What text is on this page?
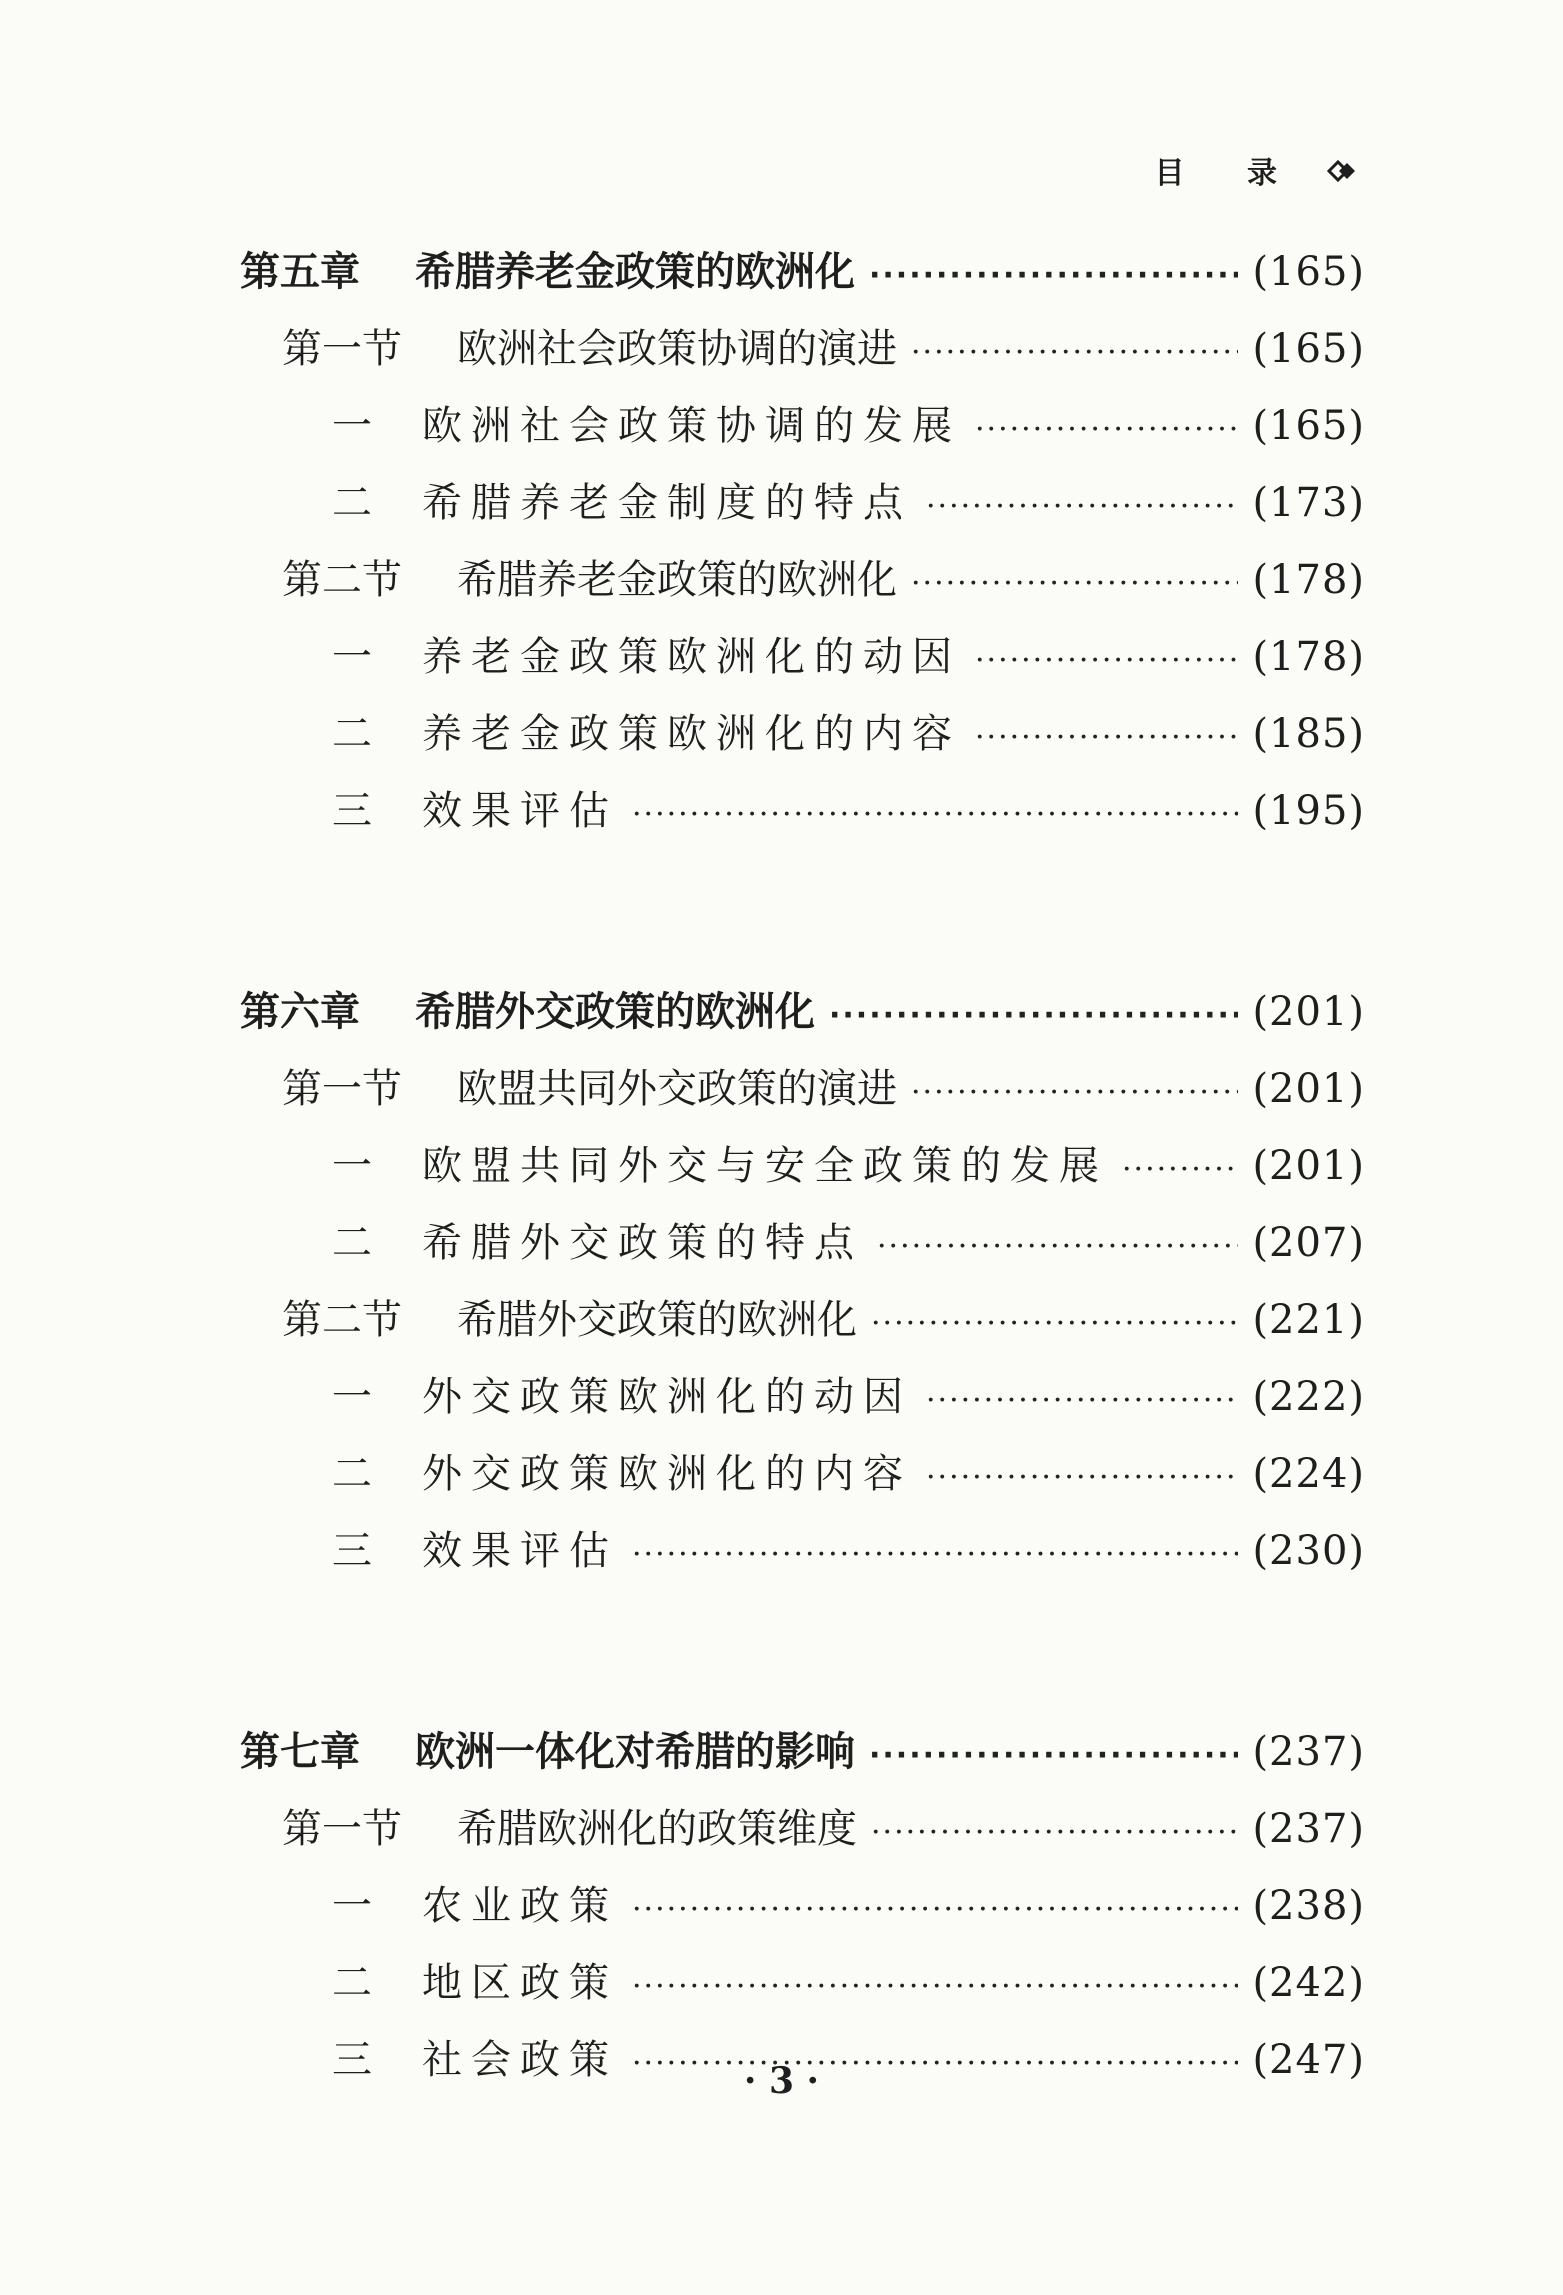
目 录
第五章	希腊养老金政策的欧洲化 ·····	(165)
第一节	欧洲社会政策协调的演进 ·····	(165)
一	欧洲社会政策协调的发展 ·····	(165)
二	希腊养老金制度的特点 ·····	(173)
第二节	希腊养老金政策的欧洲化 ·····	(178)
一	养老金政策欧洲化的动因 ·····	(178)
二	养老金政策欧洲化的内容 ·····	(185)
三	效果评估 ·····	(195)
第六章	希腊外交政策的欧洲化 ·····	(201)
第一节	欧盟共同外交政策的演进 ·····	(201)
一	欧盟共同外交与安全政策的发展 ·····	(201)
二	希腊外交政策的特点 ·····	(207)
第二节	希腊外交政策的欧洲化 ·····	(221)
一	外交政策欧洲化的动因 ·····	(222)
二	外交政策欧洲化的内容 ·····	(224)
三	效果评估 ·····	(230)
第七章	欧洲一体化对希腊的影响 ·····	(237)
第一节	希腊欧洲化的政策维度 ·····	(237)
一	农业政策 ·····	(238)
二	地区政策 ·····	(242)
三	社会政策 ·····	(247)
· 3 ·
